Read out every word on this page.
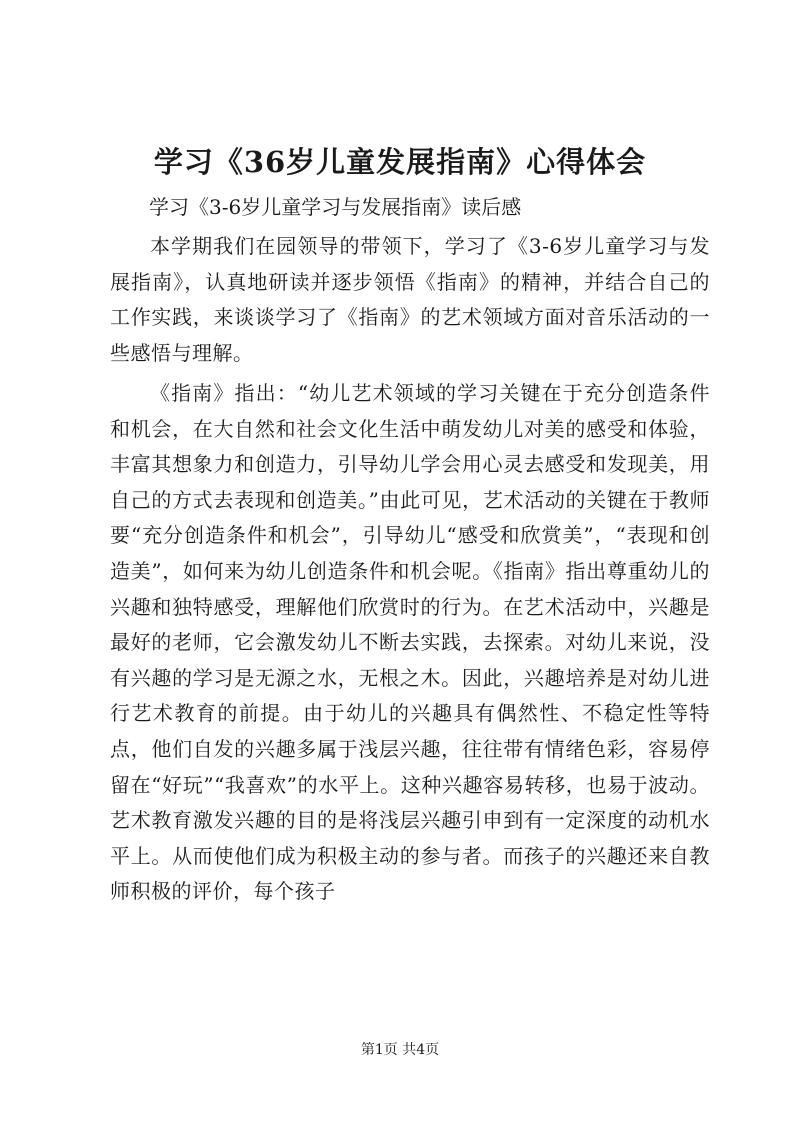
学习《36岁儿童发展指南》心得体会
学习《3-6岁儿童学习与发展指南》读后感

本学期我们在园领导的带领下，学习了《3-6岁儿童学习与发展指南》，认真地研读并逐步领悟《指南》的精神，并结合自己的工作实践，来谈谈学习了《指南》的艺术领域方面对音乐活动的一些感悟与理解。

《指南》指出：“幼儿艺术领域的学习关键在于充分创造条件和机会，在大自然和社会文化生活中萌发幼儿对美的感受和体验，丰富其想象力和创造力，引导幼儿学会用心灵去感受和发现美，用自己的方式去表现和创造美。”由此可见，艺术活动的关键在于教师要“充分创造条件和机会”，引导幼儿“感受和欣赏美”，“表现和创造美”，如何来为幼儿创造条件和机会呢。《指南》指出尊重幼儿的兴趣和独特感受，理解他们欣赏时的行为。在艺术活动中，兴趣是最好的老师，它会激发幼儿不断去实践，去探索。对幼儿来说，没有兴趣的学习是无源之水，无根之木。因此，兴趣培养是对幼儿进行艺术教育的前提。由于幼儿的兴趣具有偶然性、不稳定性等特点，他们自发的兴趣多属于浅层兴趣，往往带有情绪色彩，容易停留在“好玩”“我喜欢”的水平上。这种兴趣容易转移，也易于波动。艺术教育激发兴趣的目的是将浅层兴趣引申到有一定深度的动机水平上。从而使他们成为积极主动的参与者。而孩子的兴趣还来自教师积极的评价，每个孩子

第1页 共4页
